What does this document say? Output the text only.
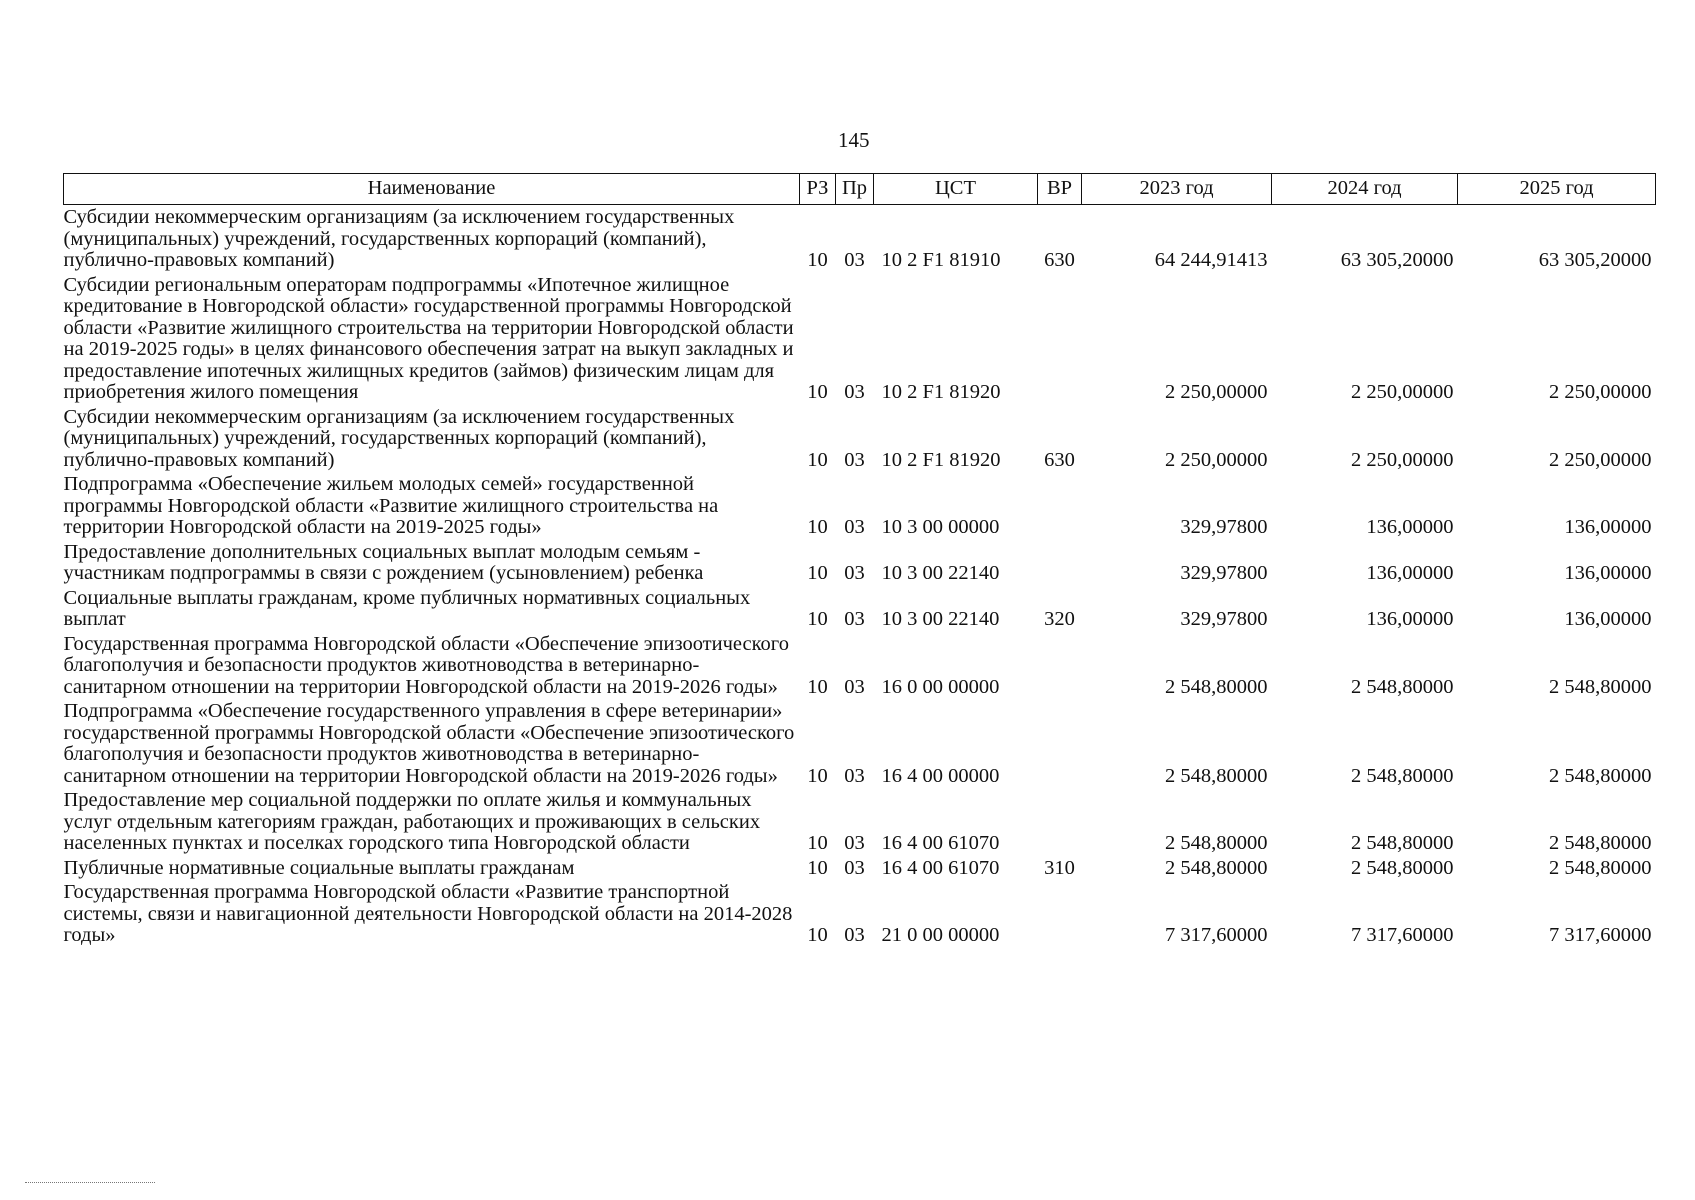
145
Наименование	РЗ	Пр	ЦСТ	ВР	2023 год	2024 год	2025 год
Субсидии некоммерческим организациям (за исключением государственных (муниципальных) учреждений, государственных корпораций (компаний), публично-правовых компаний)	10	03	10 2 F1 81910	630	64 244,91413	63 305,20000	63 305,20000
Субсидии региональным операторам подпрограммы «Ипотечное жилищное кредитование в Новгородской области» государственной программы Новгородской области «Развитие жилищного строительства на территории Новгородской области на 2019-2025 годы» в целях финансового обеспечения затрат на выкуп закладных и предоставление ипотечных жилищных кредитов (займов) физическим лицам для приобретения жилого помещения	10	03	10 2 F1 81920		2 250,00000	2 250,00000	2 250,00000
Субсидии некоммерческим организациям (за исключением государственных (муниципальных) учреждений, государственных корпораций (компаний), публично-правовых компаний)	10	03	10 2 F1 81920	630	2 250,00000	2 250,00000	2 250,00000
Подпрограмма «Обеспечение жильем молодых семей» государственной программы Новгородской области «Развитие жилищного строительства на территории Новгородской области на 2019-2025 годы»	10	03	10 3 00 00000		329,97800	136,00000	136,00000
Предоставление дополнительных социальных выплат молодым семьям - участникам подпрограммы в связи с рождением (усыновлением) ребенка	10	03	10 3 00 22140		329,97800	136,00000	136,00000
Социальные выплаты гражданам, кроме публичных нормативных социальных выплат	10	03	10 3 00 22140	320	329,97800	136,00000	136,00000
Государственная программа Новгородской области «Обеспечение эпизоотического благополучия и безопасности продуктов животноводства в ветеринарно-санитарном отношении на территории Новгородской области на 2019-2026 годы»	10	03	16 0 00 00000		2 548,80000	2 548,80000	2 548,80000
Подпрограмма «Обеспечение государственного управления в сфере ветеринарии» государственной программы Новгородской области «Обеспечение эпизоотического благополучия и безопасности продуктов животноводства в ветеринарно-санитарном отношении на территории Новгородской области на 2019-2026 годы»	10	03	16 4 00 00000		2 548,80000	2 548,80000	2 548,80000
Предоставление мер социальной поддержки по оплате жилья и коммунальных услуг отдельным категориям граждан, работающих и проживающих в сельских населенных пунктах и поселках городского типа Новгородской области	10	03	16 4 00 61070		2 548,80000	2 548,80000	2 548,80000
Публичные нормативные социальные выплаты гражданам	10	03	16 4 00 61070	310	2 548,80000	2 548,80000	2 548,80000
Государственная программа Новгородской области «Развитие транспортной системы, связи и навигационной деятельности Новгородской области на 2014-2028 годы»	10	03	21 0 00 00000		7 317,60000	7 317,60000	7 317,60000
